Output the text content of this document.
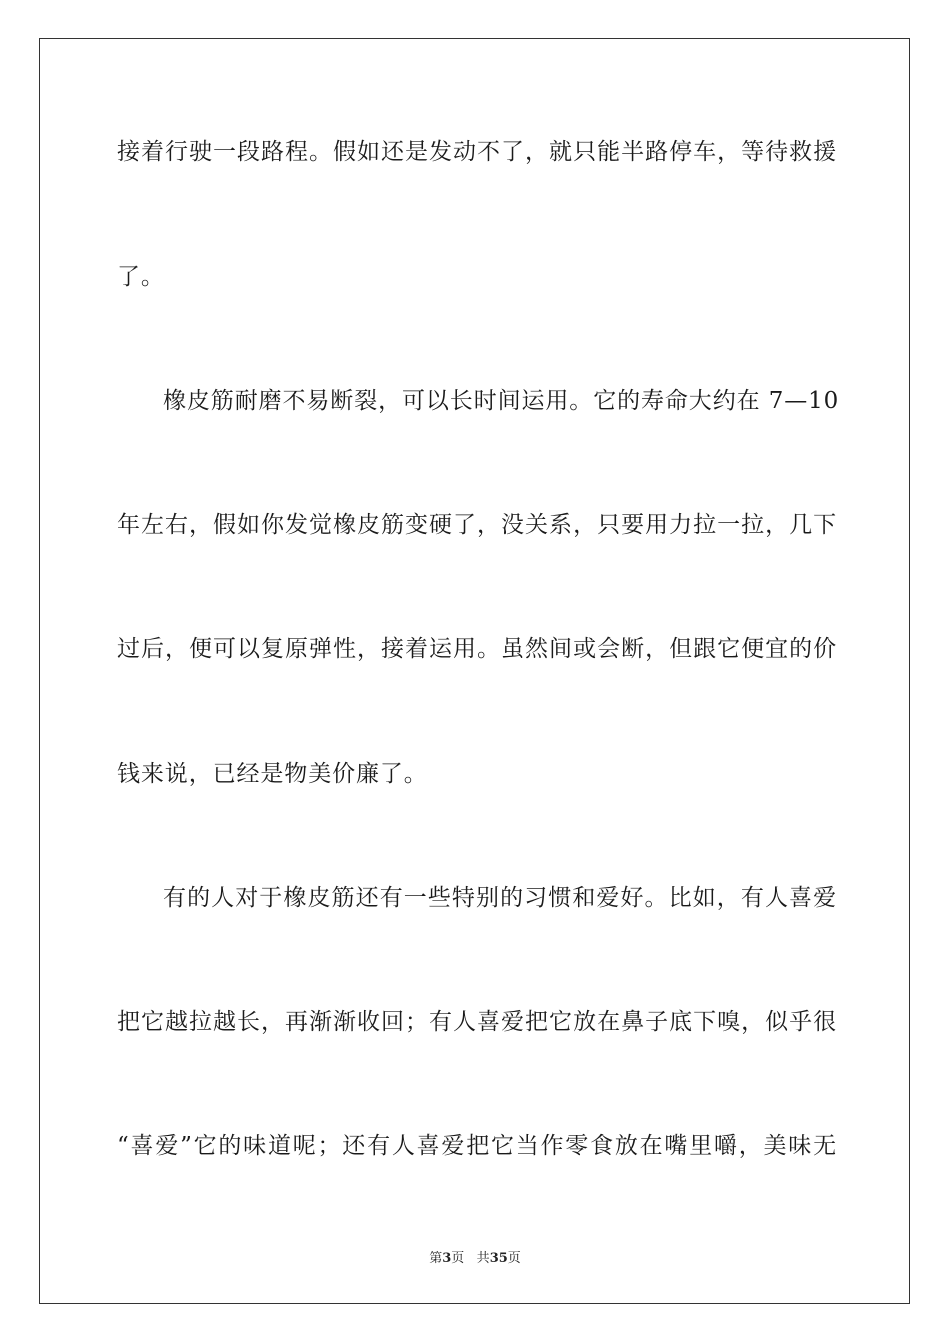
接着行驶一段路程。假如还是发动不了，就只能半路停车，等待救援
了。
橡皮筋耐磨不易断裂，可以长时间运用。它的寿命大约在 7—10
年左右，假如你发觉橡皮筋变硬了，没关系，只要用力拉一拉，几下
过后，便可以复原弹性，接着运用。虽然间或会断，但跟它便宜的价
钱来说，已经是物美价廉了。
有的人对于橡皮筋还有一些特别的习惯和爱好。比如，有人喜爱
把它越拉越长，再渐渐收回；有人喜爱把它放在鼻子底下嗅，似乎很
“喜爱”它的味道呢；还有人喜爱把它当作零食放在嘴里嚼，美味无
第3页 共35页
